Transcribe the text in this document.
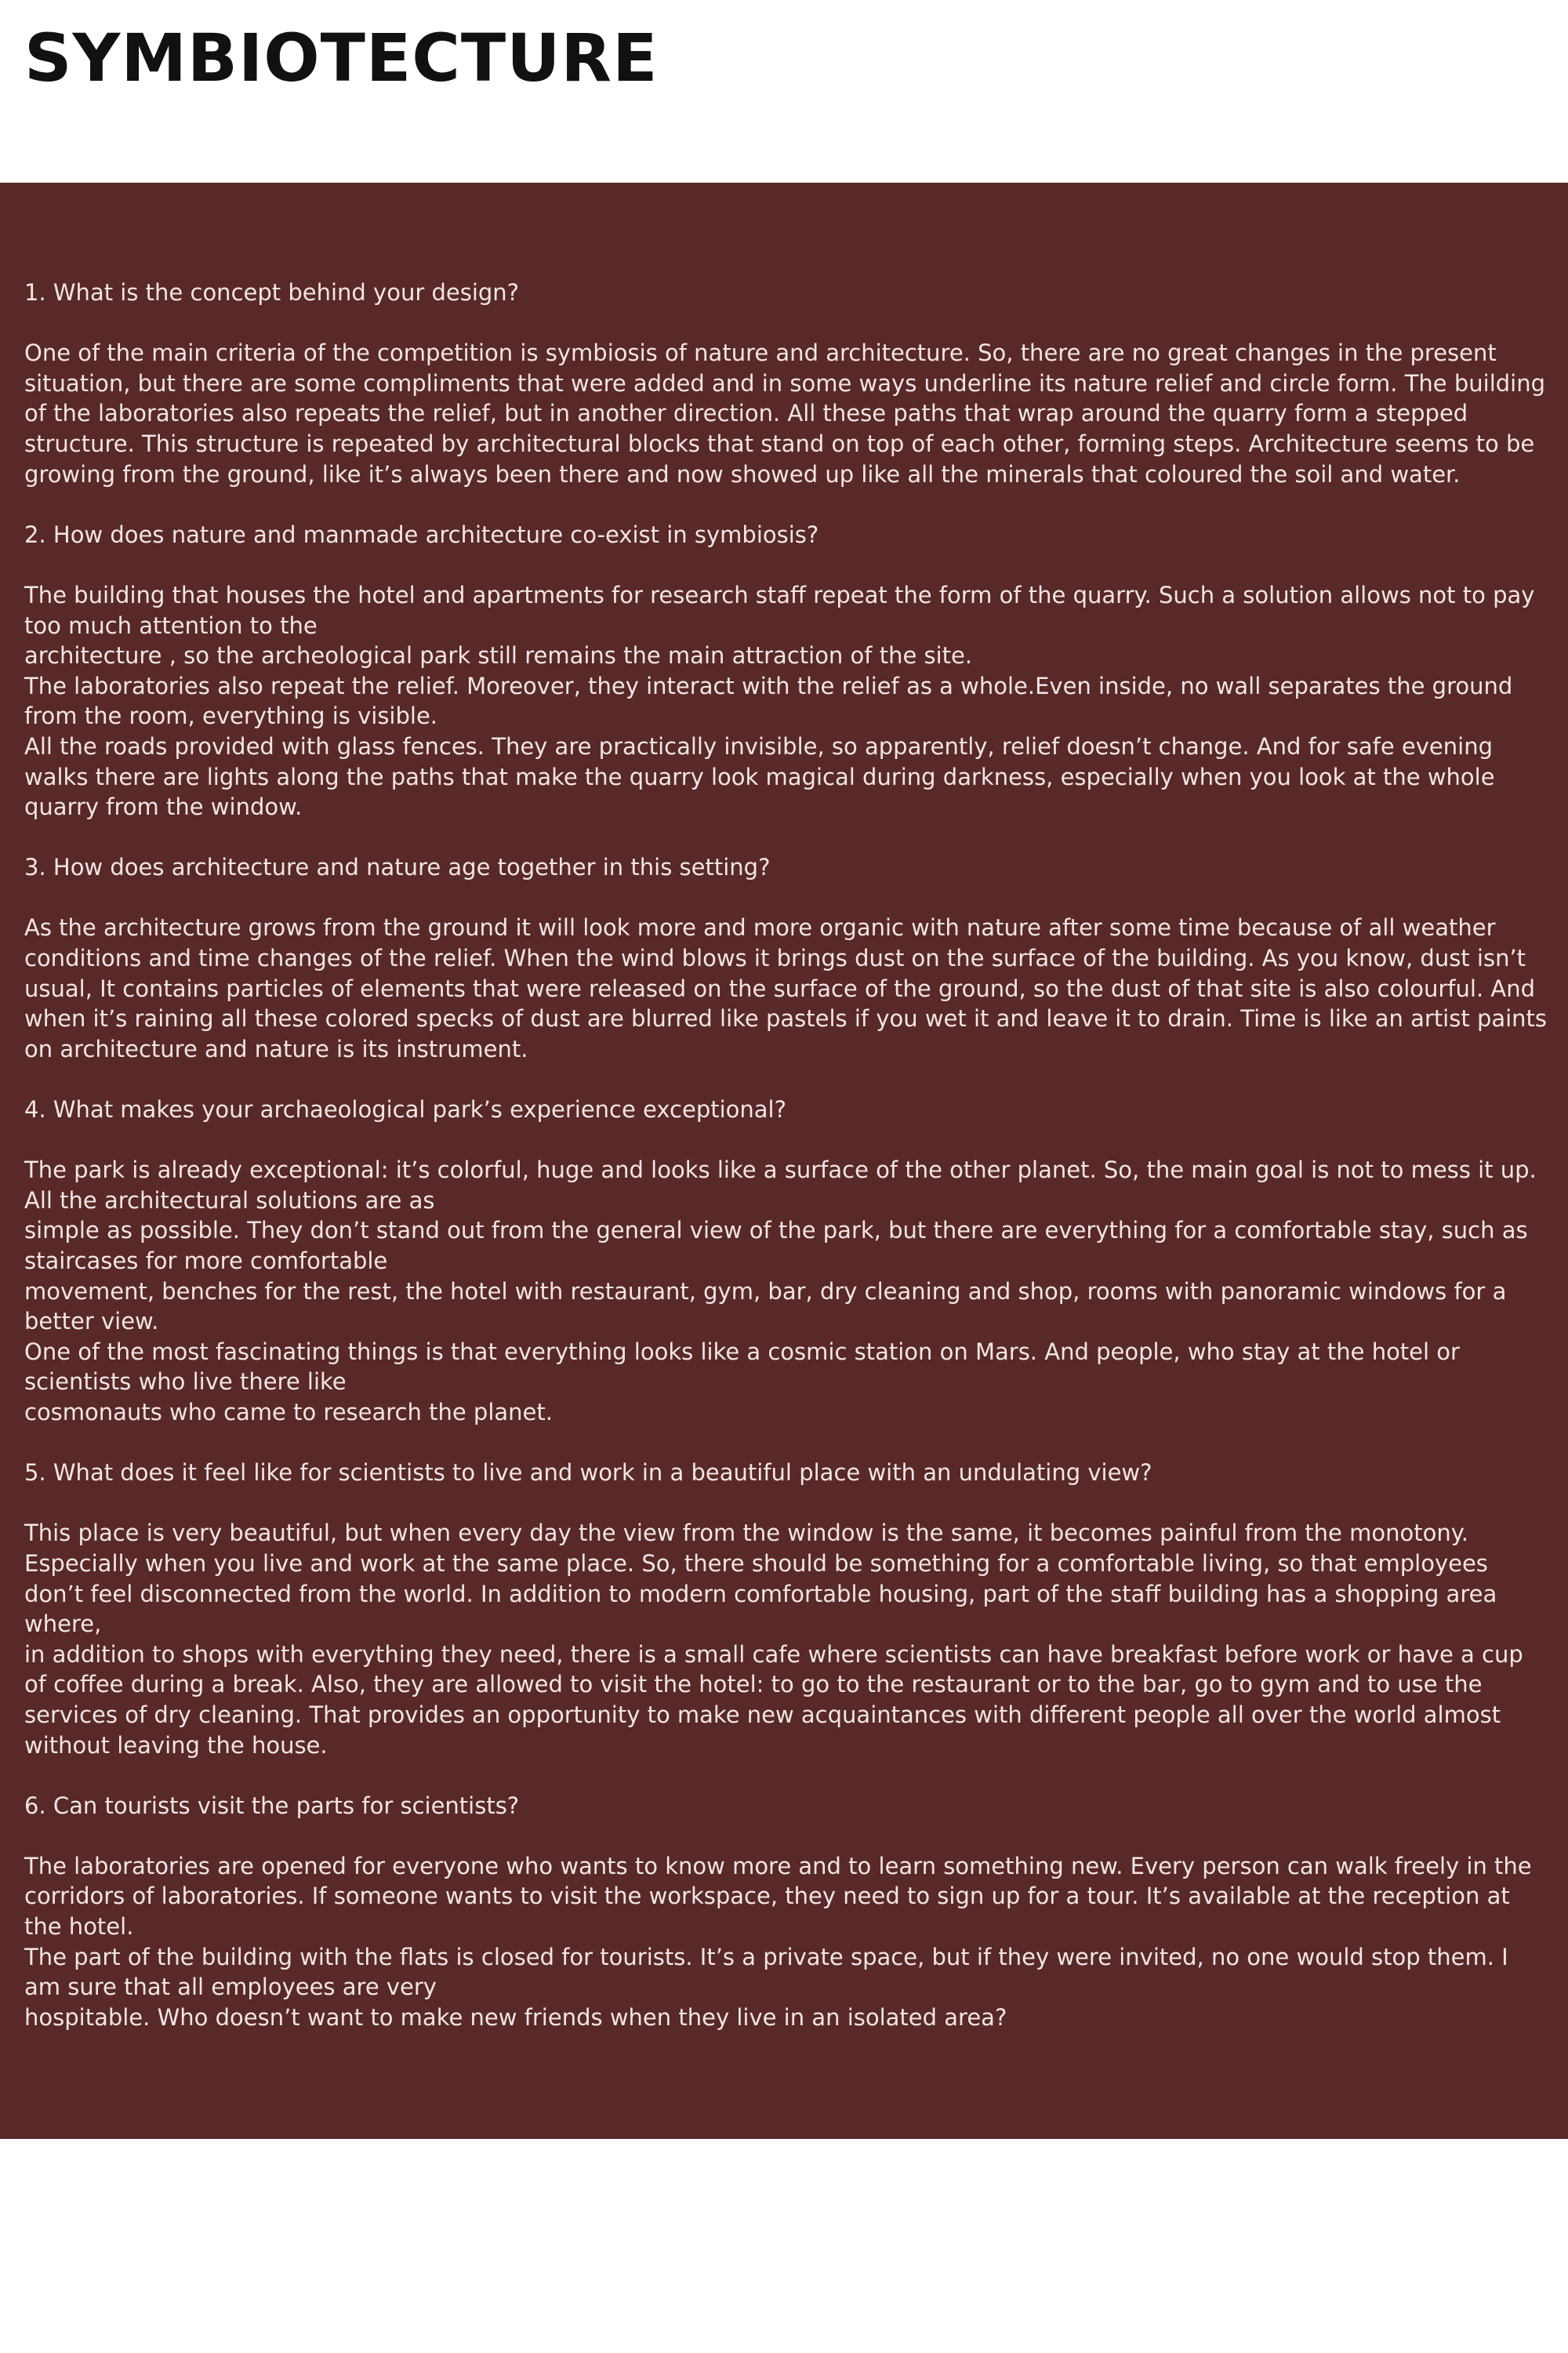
SYMBIOTECTURE

1. What is the concept behind your design?

One of the main criteria of the competition is symbiosis of nature and architecture. So, there are no great changes in the present situation, but there are some compliments that were added and in some ways underline its nature relief and circle form. The building of the laboratories also repeats the relief, but in another direction. All these paths that wrap around the quarry form a stepped structure. This structure is repeated by architectural blocks that stand on top of each other, forming steps. Architecture seems to be growing from the ground, like it’s always been there and now showed up like all the minerals that coloured the soil and water.

2. How does nature and manmade architecture co-exist in symbiosis?

The building that houses the hotel and apartments for research staff repeat the form of the quarry. Such a solution allows not to pay too much attention to the
architecture , so the archeological park still remains the main attraction of the site.
The laboratories also repeat the relief. Moreover, they interact with the relief as a whole.Even inside, no wall separates the ground from the room, everything is visible.
All the roads provided with glass fences. They are practically invisible, so apparently, relief doesn’t change. And for safe evening walks there are lights along the paths that make the quarry look magical during darkness, especially when you look at the whole quarry from the window.

3. How does architecture and nature age together in this setting?

As the architecture grows from the ground it will look more and more organic with nature after some time because of all weather conditions and time changes of the relief. When the wind blows it brings dust on the surface of the building. As you know, dust isn’t usual, It contains particles of elements that were released on the surface of the ground, so the dust of that site is also colourful. And when it’s raining all these colored specks of dust are blurred like pastels if you wet it and leave it to drain. Time is like an artist paints on architecture and nature is its instrument.

4. What makes your archaeological park’s experience exceptional?

The park is already exceptional: it’s colorful, huge and looks like a surface of the other planet. So, the main goal is not to mess it up. All the architectural solutions are as
simple as possible. They don’t stand out from the general view of the park, but there are everything for a comfortable stay, such as staircases for more comfortable
movement, benches for the rest, the hotel with restaurant, gym, bar, dry cleaning and shop, rooms with panoramic windows for a better view.
One of the most fascinating things is that everything looks like a cosmic station on Mars. And people, who stay at the hotel or scientists who live there like
cosmonauts who came to research the planet.

5. What does it feel like for scientists to live and work in a beautiful place with an undulating view?

This place is very beautiful, but when every day the view from the window is the same, it becomes painful from the monotony. Especially when you live and work at the same place. So, there should be something for a comfortable living, so that employees don’t feel disconnected from the world. In addition to modern comfortable housing, part of the staff building has a shopping area where,
in addition to shops with everything they need, there is a small cafe where scientists can have breakfast before work or have a cup of coffee during a break. Also, they are allowed to visit the hotel: to go to the restaurant or to the bar, go to gym and to use the services of dry cleaning. That provides an opportunity to make new acquaintances with different people all over the world almost without leaving the house.

6. Can tourists visit the parts for scientists?

The laboratories are opened for everyone who wants to know more and to learn something new. Every person can walk freely in the corridors of laboratories. If someone wants to visit the workspace, they need to sign up for a tour. It’s available at the reception at the hotel.
The part of the building with the flats is closed for tourists. It’s a private space, but if they were invited, no one would stop them. I am sure that all employees are very
hospitable. Who doesn’t want to make new friends when they live in an isolated area?
